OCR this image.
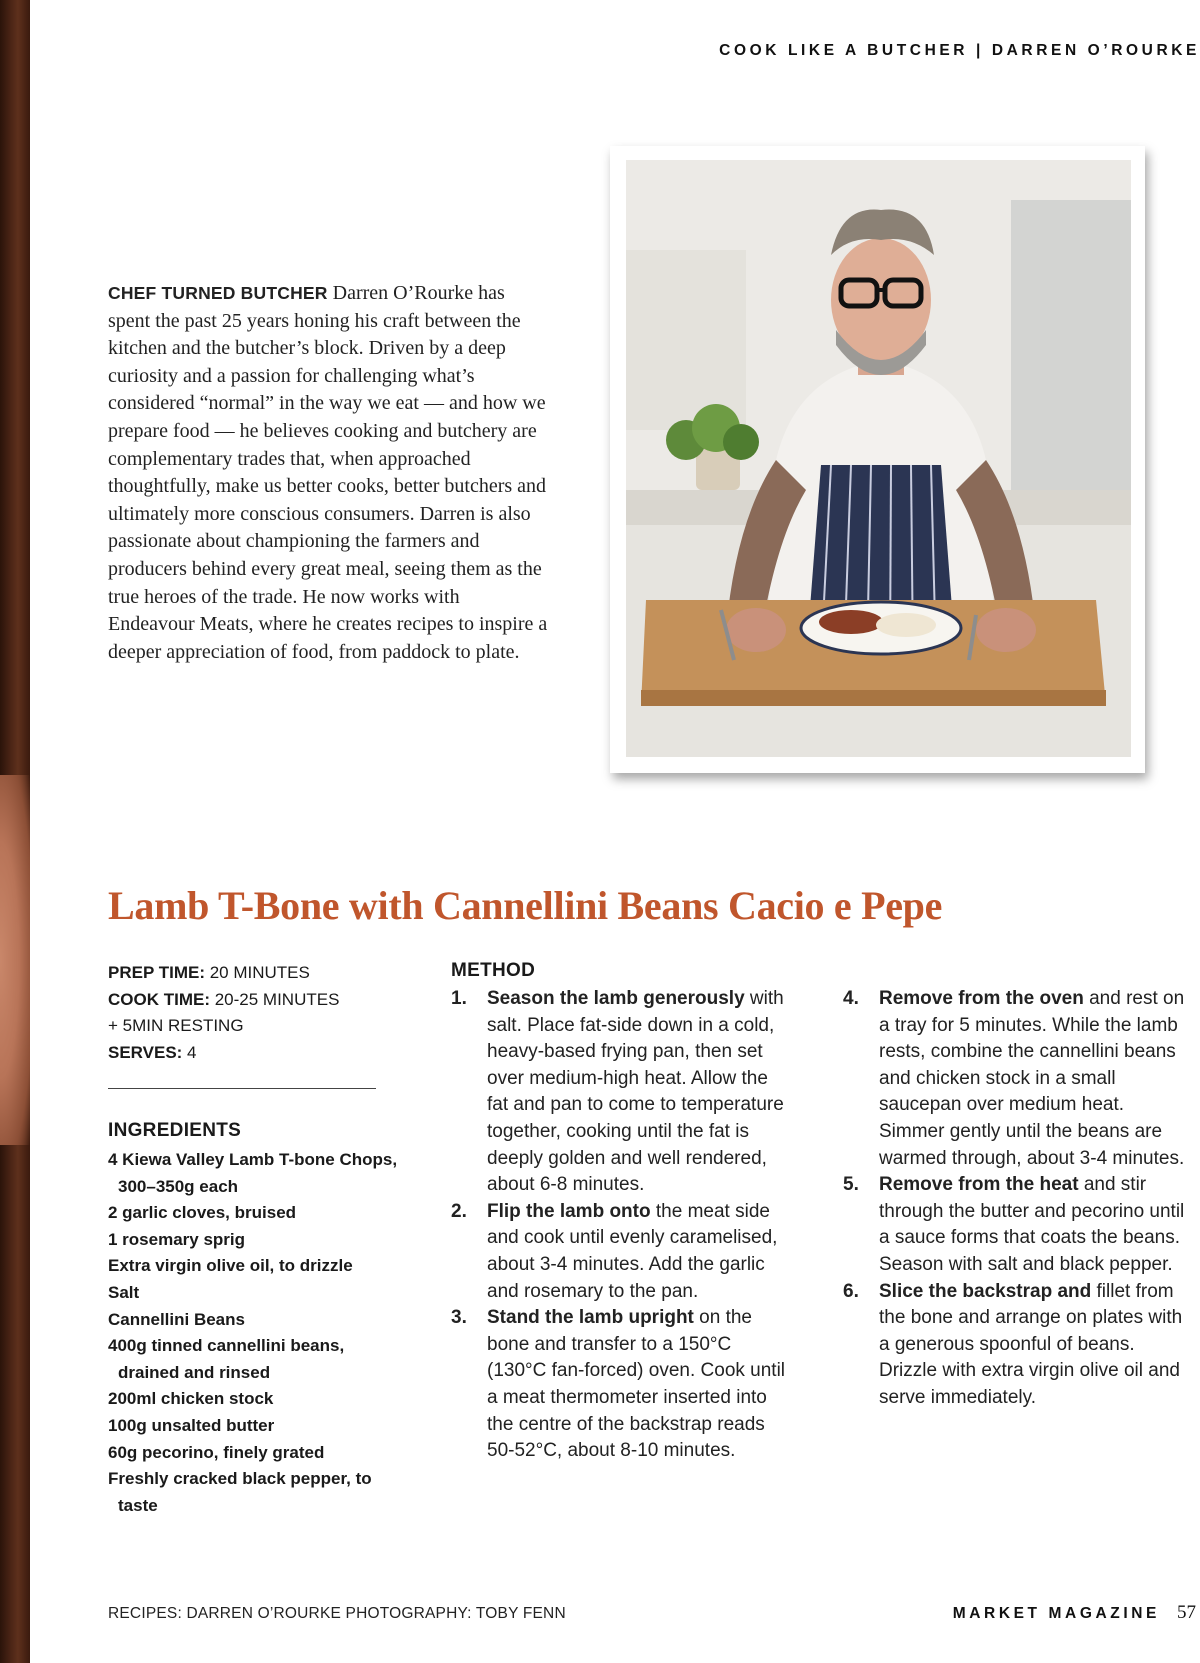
COOK LIKE A BUTCHER | DARREN O’ROURKE
CHEF TURNED BUTCHER Darren O’Rourke has spent the past 25 years honing his craft between the kitchen and the butcher’s block. Driven by a deep curiosity and a passion for challenging what’s considered “normal” in the way we eat — and how we prepare food — he believes cooking and butchery are complementary trades that, when approached thoughtfully, make us better cooks, better butchers and ultimately more conscious consumers. Darren is also passionate about championing the farmers and producers behind every great meal, seeing them as the true heroes of the trade. He now works with Endeavour Meats, where he creates recipes to inspire a deeper appreciation of food, from paddock to plate.
Lamb T-Bone with Cannellini Beans Cacio e Pepe
PREP TIME: 20 MINUTES
COOK TIME: 20-25 MINUTES
+ 5MIN RESTING
SERVES: 4
INGREDIENTS
4 Kiewa Valley Lamb T-bone Chops, 300–350g each
2 garlic cloves, bruised
1 rosemary sprig
Extra virgin olive oil, to drizzle
Salt
Cannellini Beans
400g tinned cannellini beans, drained and rinsed
200ml chicken stock
100g unsalted butter
60g pecorino, finely grated
Freshly cracked black pepper, to taste
METHOD
1. Season the lamb generously with salt. Place fat-side down in a cold, heavy-based frying pan, then set over medium-high heat. Allow the fat and pan to come to temperature together, cooking until the fat is deeply golden and well rendered, about 6-8 minutes.
2. Flip the lamb onto the meat side and cook until evenly caramelised, about 3-4 minutes. Add the garlic and rosemary to the pan.
3. Stand the lamb upright on the bone and transfer to a 150°C (130°C fan-forced) oven. Cook until a meat thermometer inserted into the centre of the backstrap reads 50-52°C, about 8-10 minutes.
4. Remove from the oven and rest on a tray for 5 minutes. While the lamb rests, combine the cannellini beans and chicken stock in a small saucepan over medium heat. Simmer gently until the beans are warmed through, about 3-4 minutes.
5. Remove from the heat and stir through the butter and pecorino until a sauce forms that coats the beans. Season with salt and black pepper.
6. Slice the backstrap and fillet from the bone and arrange on plates with a generous spoonful of beans. Drizzle with extra virgin olive oil and serve immediately.
RECIPES: DARREN O’ROURKE PHOTOGRAPHY: TOBY FENN	MARKET MAGAZINE 57
